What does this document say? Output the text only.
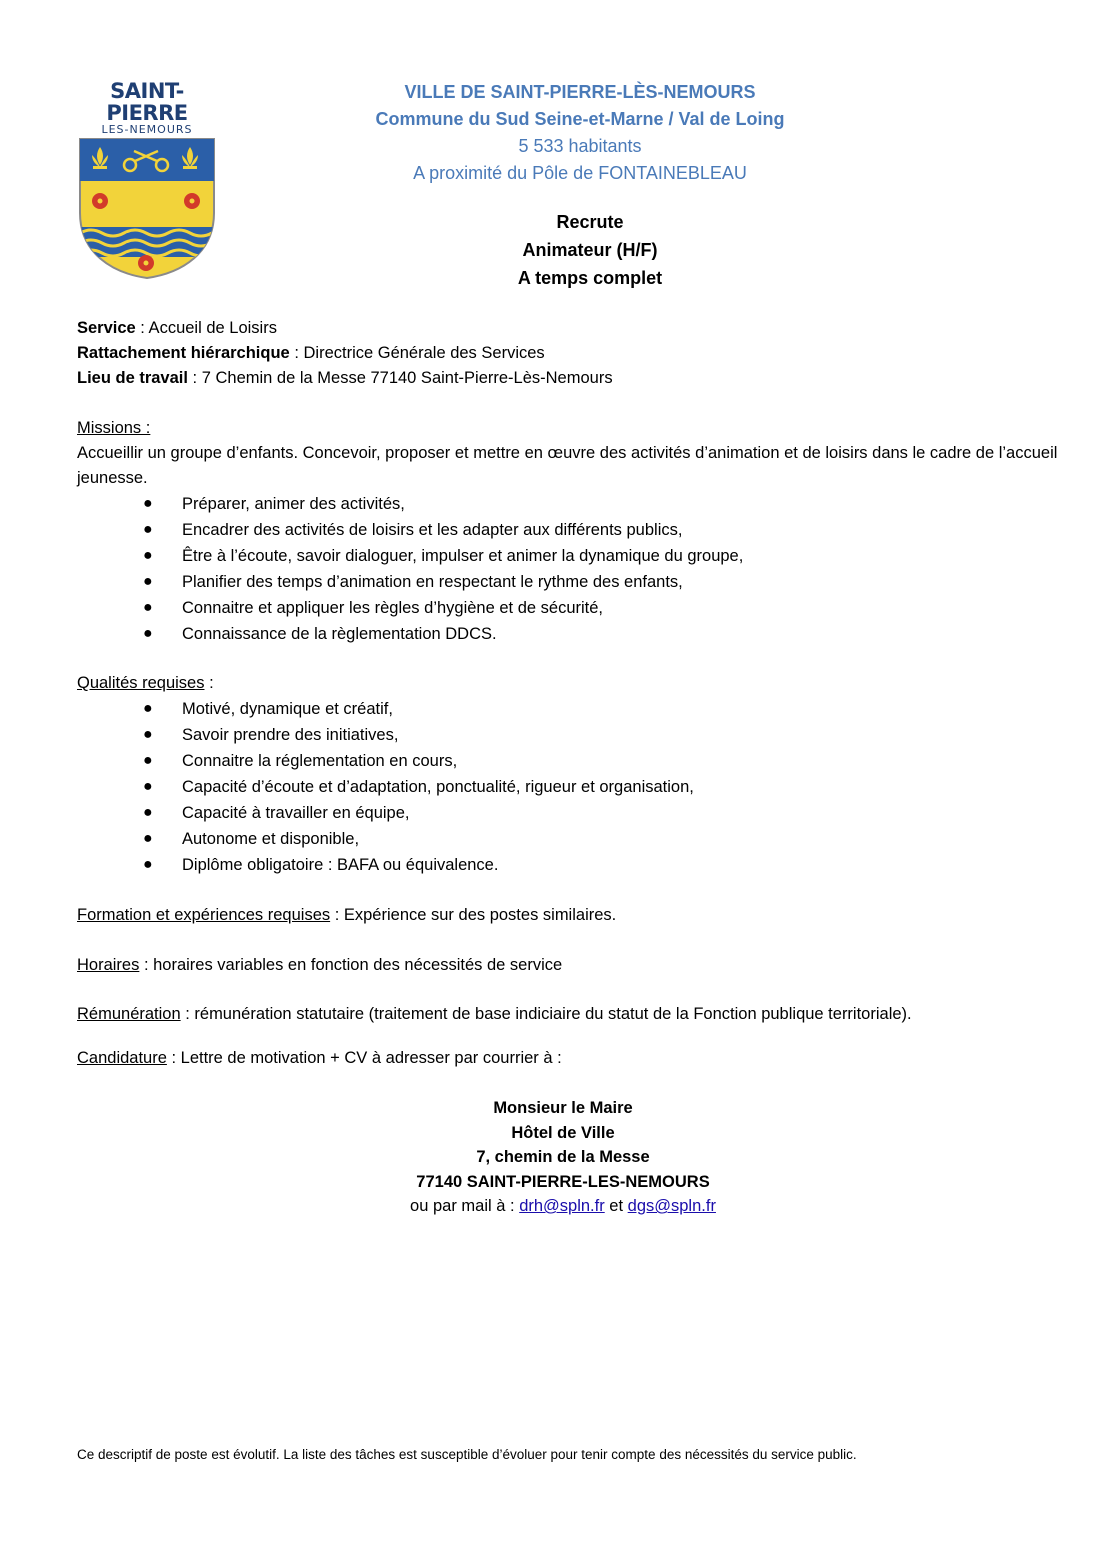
SAINT-PIERRE
LES-NEMOURS
VILLE DE SAINT-PIERRE-LÈS-NEMOURS
Commune du Sud Seine-et-Marne / Val de Loing
5 533 habitants
A proximité du Pôle de FONTAINEBLEAU
Recrute
Animateur (H/F)
A temps complet
Service : Accueil de Loisirs
Rattachement hiérarchique : Directrice Générale des Services
Lieu de travail : 7 Chemin de la Messe 77140 Saint-Pierre-Lès-Nemours
Missions :
Accueillir un groupe d’enfants. Concevoir, proposer et mettre en œuvre des activités d’animation et de loisirs dans le cadre de l’accueil jeunesse.
● Préparer, animer des activités,
● Encadrer des activités de loisirs et les adapter aux différents publics,
● Être à l’écoute, savoir dialoguer, impulser et animer la dynamique du groupe,
● Planifier des temps d’animation en respectant le rythme des enfants,
● Connaitre et appliquer les règles d’hygiène et de sécurité,
● Connaissance de la règlementation DDCS.
Qualités requises :
● Motivé, dynamique et créatif,
● Savoir prendre des initiatives,
● Connaitre la réglementation en cours,
● Capacité d’écoute et d’adaptation, ponctualité, rigueur et organisation,
● Capacité à travailler en équipe,
● Autonome et disponible,
● Diplôme obligatoire : BAFA ou équivalence.
Formation et expériences requises : Expérience sur des postes similaires.
Horaires : horaires variables en fonction des nécessités de service
Rémunération : rémunération statutaire (traitement de base indiciaire du statut de la Fonction publique territoriale).
Candidature : Lettre de motivation + CV à adresser par courrier à :
Monsieur le Maire
Hôtel de Ville
7, chemin de la Messe
77140 SAINT-PIERRE-LES-NEMOURS
ou par mail à : drh@spln.fr et dgs@spln.fr
Ce descriptif de poste est évolutif. La liste des tâches est susceptible d’évoluer pour tenir compte des nécessités du service public.
